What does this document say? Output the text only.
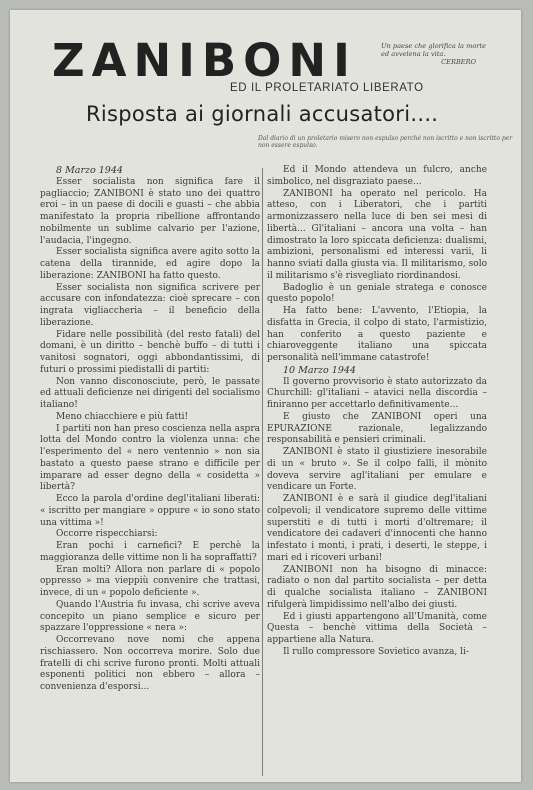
ZANIBONI
ED IL PROLETARIATO LIBERATO
Un paese che glorifica la morte
ed avvelena la vita.
CERBERO
Risposta ai giornali accusatori....
Dal diario di un proletario misero non espulso perché non iscritto e non iscritto per non essere espulso.

8 Marzo 1944

Esser socialista non significa fare il pagliaccio; ZANIBONI è stato uno dei quattro eroi – in un paese di docili e guasti – che abbia manifestato la propria ribellione affrontando nobilmente un sublime calvario per l'azione, l'audacia, l'ingegno.

Esser socialista significa avere agito sotto la catena della tirannide, ed agire dopo la liberazione: ZANIBONI ha fatto questo.

Esser socialista non significa scrivere per accusare con infondatezza: cioè sprecare – con ingrata vigliaccheria – il beneficio della liberazione.

Fidare nelle possibilità (del resto fatali) del domani, è un diritto – benchè buffo – di tutti i vanitosi sognatori, oggi abbondantissimi, di futuri o prossimi piedistalli di partiti:

Non vanno disconosciute, però, le passate ed attuali deficienze nei dirigenti del socialismo italiano!

Meno chiacchiere e più fatti!

I partiti non han preso coscienza nella aspra lotta del Mondo contro la violenza unna: che l'esperimento del « nero ventennio » non sia bastato a questo paese strano e difficile per imparare ad esser degno della « cosidetta » libertà?

Ecco la parola d'ordine degl'italiani liberati: « iscritto per mangiare » oppure « io sono stato una vittima »!

Occorre rispecchiarsi:

Eran pochi i carnefici? E perchè la maggioranza delle vittime non li ha sopraffatti?

Eran molti? Allora non parlare di « popolo oppresso » ma vieppiù convenire che trattasi, invece, di un « popolo deficiente ».

Quando l'Austria fu invasa, chi scrive aveva concepito un piano semplice e sicuro per spazzare l'oppressione « nera »:

Occorrevano nove nomi che appena rischiassero. Non occorreva morire. Solo due fratelli di chi scrive furono pronti. Molti attuali esponenti politici non ebbero – allora – convenienza d'esporsi...

Ed il Mondo attendeva un fulcro, anche simbolico, nel disgraziato paese...

ZANIBONI ha operato nel pericolo. Ha atteso, con i Liberatori, che i partiti armonizzassero nella luce di ben sei mesi di libertà... Gl'italiani – ancora una volta – han dimostrato la loro spiccata deficienza: dualismi, ambizioni, personalismi ed interessi varii, li hanno sviati dalla giusta via. Il militarismo, solo il militarismo s'è risvegliato riordinandosi.

Badoglio è un geniale stratega e conosce questo popolo!

Ha fatto bene: L'avvento, l'Etiopia, la disfatta in Grecia, il colpo di stato, l'armistizio, han conferito a questo paziente e chiaroveggente italiano una spiccata personalità nell'immane catastrofe!

10 Marzo 1944

Il governo provvisorio è stato autorizzato da Churchill: gl'italiani – atavici nella discordia – finiranno per accettarlo definitivamente...

E giusto che ZANIBONI operi una EPURAZIONE razionale, legalizzando responsabilità e pensieri criminali.

ZANIBONI è stato il giustiziere inesorabile di un « bruto ». Se il colpo falli, il mònito doveva servire agl'italiani per emulare e vendicare un Forte.

ZANIBONI è e sarà il giudice degl'italiani colpevoli; il vendicatore supremo delle vittime superstiti e di tutti i morti d'oltremare; il vendicatore dei cadaveri d'innocenti che hanno infestato i monti, i prati, i deserti, le steppe, i mari ed i ricoveri urbani!

ZANIBONI non ha bisogno di minacce: radiato o non dal partito socialista – per detta di qualche socialista italiano – ZANIBONI rifulgerà limpidissimo nell'albo dei giusti.

Ed i giusti appartengono all'Umanità, come Questa – benchè vittima della Società – appartiene alla Natura.

Il rullo compressore Sovietico avanza, li-
